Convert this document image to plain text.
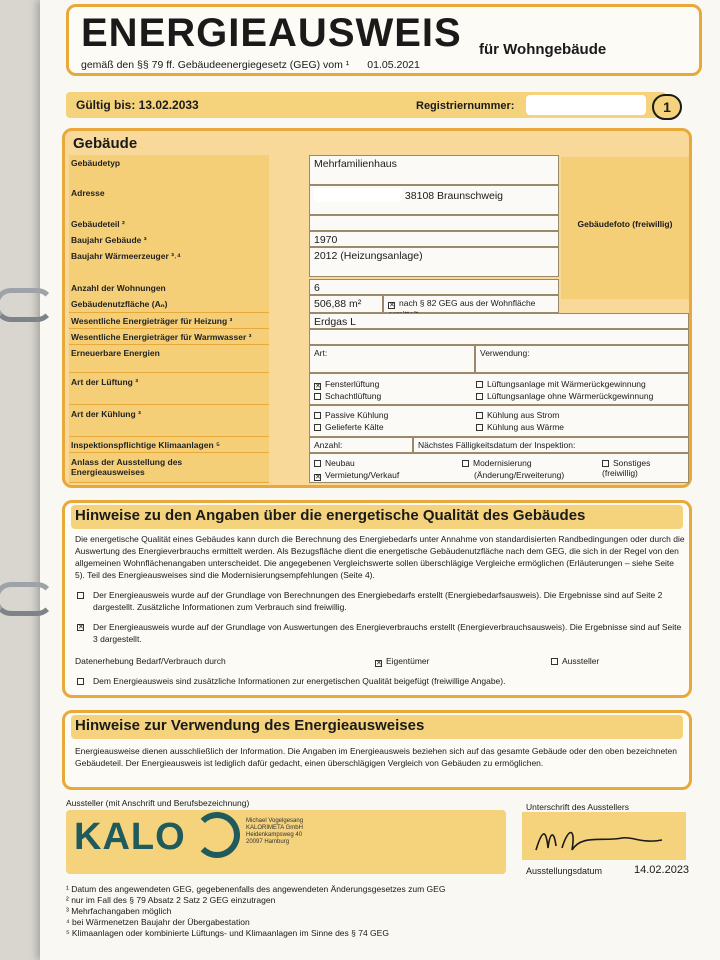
ENERGIEAUSWEIS für Wohngebäude
gemäß den §§ 79 ff. Gebäudeenergiegesetz (GEG) vom ¹ 01.05.2021
Gültig bis: 13.02.2033	Registriernummer:	1
Gebäude
Gebäudetyp	Mehrfamilienhaus
Adresse	38108 Braunschweig
Gebäudeteil ²
Baujahr Gebäude ³	1970
Baujahr Wärmeerzeuger ³˒⁴	2012 (Heizungsanlage)
Anzahl der Wohnungen	6
Gebäudenutzfläche (Aₙ)	506,88 m²	✕ nach § 82 GEG aus der Wohnfläche
Gebäudefoto (freiwillig)
Wesentliche Energieträger für Heizung ³	Erdgas L
Wesentliche Energieträger für Warmwasser ³
Erneuerbare Energien	Art:	Verwendung:
Art der Lüftung ³	✕ Fensterlüftung
Schachtlüftung
Lüftungsanlage mit Wärmerückgewinnung
Lüftungsanlage ohne Wärmerückgewinnung
Art der Kühlung ³	Passive Kühlung
Gelieferte Kälte
Kühlung aus Strom
Kühlung aus Wärme
Inspektionspflichtige Klimaanlagen ⁵	Anzahl:	Nächstes Fälligkeitsdatum der Inspektion:
Anlass der Ausstellung des Energieausweises
Neubau
✕ Vermietung/Verkauf
Modernisierung
(Änderung/Erweiterung)
Sonstiges (freiwillig)
Hinweise zu den Angaben über die energetische Qualität des Gebäudes
Die energetische Qualität eines Gebäudes kann durch die Berechnung des Energiebedarfs unter Annahme von standardisierten Randbedingungen oder durch die Auswertung des Energieverbrauchs ermittelt werden. Als Bezugsfläche dient die energetische Gebäudenutzfläche nach dem GEG, die sich in der Regel von den allgemeinen Wohnflächenangaben unterscheidet. Die angegebenen Vergleichswerte sollen überschlägige Vergleiche ermöglichen (Erläuterungen – siehe Seite 5). Teil des Energieausweises sind die Modernisierungsempfehlungen (Seite 4).
Der Energieausweis wurde auf der Grundlage von Berechnungen des Energiebedarfs erstellt (Energiebedarfsausweis). Die Ergebnisse sind auf Seite 2 dargestellt. Zusätzliche Informationen zum Verbrauch sind freiwillig.
✕ Der Energieausweis wurde auf der Grundlage von Auswertungen des Energieverbrauchs erstellt (Energieverbrauchsausweis). Die Ergebnisse sind auf Seite 3 dargestellt.
Datenerhebung Bedarf/Verbrauch durch	✕ Eigentümer	Aussteller
Dem Energieausweis sind zusätzliche Informationen zur energetischen Qualität beigefügt (freiwillige Angabe).
Hinweise zur Verwendung des Energieausweises
Energieausweise dienen ausschließlich der Information. Die Angaben im Energieausweis beziehen sich auf das gesamte Gebäude oder den oben bezeichneten Gebäudeteil. Der Energieausweis ist lediglich dafür gedacht, einen überschlägigen Vergleich von Gebäuden zu ermöglichen.
Aussteller (mit Anschrift und Berufsbezeichnung)
KALO	Michael Vogelgesang
KALORIMETA GmbH
Heidenkampsweg 40
20097 Hamburg
Unterschrift des Ausstellers
Ausstellungsdatum	14.02.2023
¹ Datum des angewendeten GEG, gegebenenfalls des angewendeten Änderungsgesetzes zum GEG
² nur im Fall des § 79 Absatz 2 Satz 2 GEG einzutragen
³ Mehrfachangaben möglich
⁴ bei Wärmenetzen Baujahr der Übergabestation
⁵ Klimaanlagen oder kombinierte Lüftungs- und Klimaanlagen im Sinne des § 74 GEG
